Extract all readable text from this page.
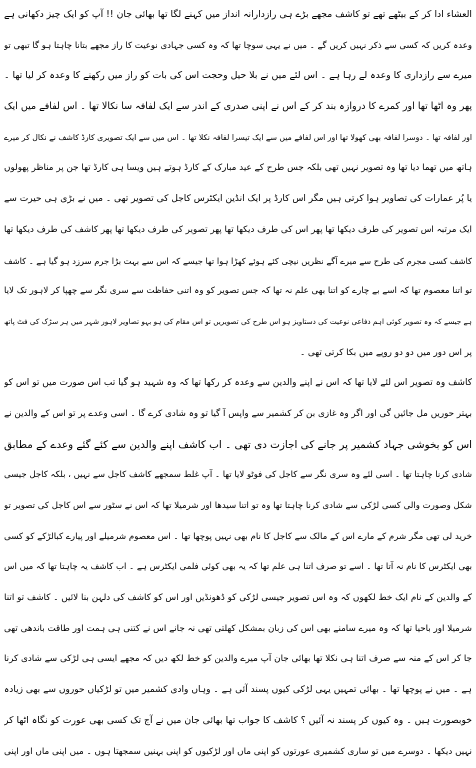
العشاء ادا کر کے بیٹھے تھے تو کاشف مجھے بڑے ہی رازدارانہ انداز میں کہنے لگا تھا بھائی جان !! آپ کو ایک چیز دکھانی ہے
وعدہ کریں کہ کسی سے ذکر نہیں کریں گے ۔ میں نے یہی سوچا تھا کہ وہ کسی جہادی نوعیت کا راز مجھے بتانا چاہتا ہو گا تبھی تو
میرے سے رازداری کا وعدہ لے رہا ہے ۔ اس لئے میں نے بلا حیل وحجت اس کی بات کو راز میں رکھنے کا وعدہ کر لیا تھا ۔
پھر وہ اٹھا تھا اور کمرے کا دروازہ بند کر کے اس نے اپنی صدری کے اندر سے ایک لفافہ سا نکالا تھا ۔ اس لفافے میں ایک
اور لفافہ تھا ۔ دوسرا لفافہ بھی کھولا تھا اور اس لفافے میں سے ایک تیسرا لفافہ نکلا تھا ۔ اس میں سے ایک تصویری کارڈ کاشف نے نکال کر میرے
ہاتھ میں تھما دیا تھا وہ تصویر نہیں تھی بلکہ جس طرح کے عید مبارک کے کارڈ ہوتے ہیں ویسا ہی کارڈ تھا جن پر مناظر پھولوں
یا پُر عمارات کی تصاویر ہوا کرتی ہیں مگر اس کارڈ پر ایک انڈین ایکٹرس کاجل کی تصویر تھی ۔ میں نے بڑی ہی حیرت سے
ایک مرتبہ اس تصویر کی طرف دیکھا تھا پھر اس کی طرف دیکھا تھا پھر تصویر کی طرف دیکھا تھا پھر کاشف کی طرف دیکھا تھا
کاشف کسی مجرم کی طرح سے میرے آگے نظریں نیچی کئے ہوئے کھڑا ہوا تھا جیسے کہ اس سے بہت بڑا جرم سرزد ہو گیا ہے ۔ کاشف
تو اتنا معصوم تھا کہ اسے بے چارے کو اتنا بھی علم نہ تھا کہ جس تصویر کو وہ اتنی حفاظت سے سری نگر سے چھپا کر لاہور تک لایا
ہے جیسے کہ وہ تصویر کوئی اہم دفاعی نوعیت کی دستاویز ہو اس طرح کی تصویریں تو اس مقام کی ہو بہو تصاویر لاہور شہر میں ہر سڑک کی فٹ پاتھ
پر اس دور میں دو دو روپے میں بکا کرتی تھی ۔
کاشف وہ تصویر اس لئے لایا تھا کہ اس نے اپنے والدین سے وعدہ کر رکھا تھا کہ وہ شہید ہو گیا تب اس صورت میں تو اس کو
بہتر حوریں مل جائیں گی اور اگر وہ غازی بن کر کشمیر سے واپس آ گیا تو وہ شادی کرے گا ۔ اسی وعدے پر تو اس کے والدین نے
اس کو بخوشی جہاد کشمیر پر جانے کی اجازت دی تھی ۔ اب کاشف اپنے والدین سے کئے گئے وعدے کے مطابق
شادی کرنا چاہتا تھا ۔ اسی لئے وہ سری نگر سے کاجل کی فوٹو لایا تھا ۔ آپ غلط سمجھے کاشف کاجل سے نہیں ، بلکہ کاجل جیسی
شکل وصورت والی کسی لڑکی سے شادی کرنا چاہتا تھا وہ تو اتنا سیدھا اور شرمیلا تھا کہ اس نے سٹور سے اس کاجل کی تصویر تو
خرید لی تھی مگر شرم کے مارے اس کے مالک سے کاجل کا نام بھی نہیں پوچھا تھا ۔ اس معصوم شرمیلے اور پیارے کبالڑکے کو کسی
بھی ایکٹرس کا نام نہ آتا تھا ۔ اسے تو صرف اتنا ہی علم تھا کہ یہ بھی کوئی فلمی ایکٹرس ہے ۔ اب کاشف یہ چاہتا تھا کہ میں اس
کے والدین کے نام ایک خط لکھوں کہ وہ اس تصویر جیسی لڑکی کو ڈھونڈیں اور اس کو کاشف کی دلہن بنا لائیں ۔ کاشف تو اتنا
شرمیلا اور باحیا تھا کہ وہ میرے سامنے بھی اس کی زبان بمشکل کھلتی تھی نہ جانے اس نے کتنی ہی ہمت اور طاقت باندھی تھی
جا کر اس کے منہ سے صرف اتنا ہی نکلا تھا بھائی جان آپ میرے والدین کو خط لکھ دیں کہ مجھے ایسی ہی لڑکی سے شادی کرنا
ہے ۔ میں نے پوچھا تھا ۔ بھائی تمہیں یہی لڑکی کیوں پسند آئی ہے ۔ وہاں وادی کشمیر میں تو لڑکیاں حوروں سے بھی زیادہ
خوبصورت ہیں ۔ وہ کیوں کر پسند نہ آئیں ؟ کاشف کا جواب تھا بھائی جان میں نے آج تک کسی بھی عورت کو نگاہ اٹھا کر
نہیں دیکھا ۔ دوسرے میں تو ساری کشمیری عورتوں کو اپنی ماں اور لڑکیوں کو اپنی بہنیں سمجھتا ہوں ۔ میں اپنی ماں اور اپنی
